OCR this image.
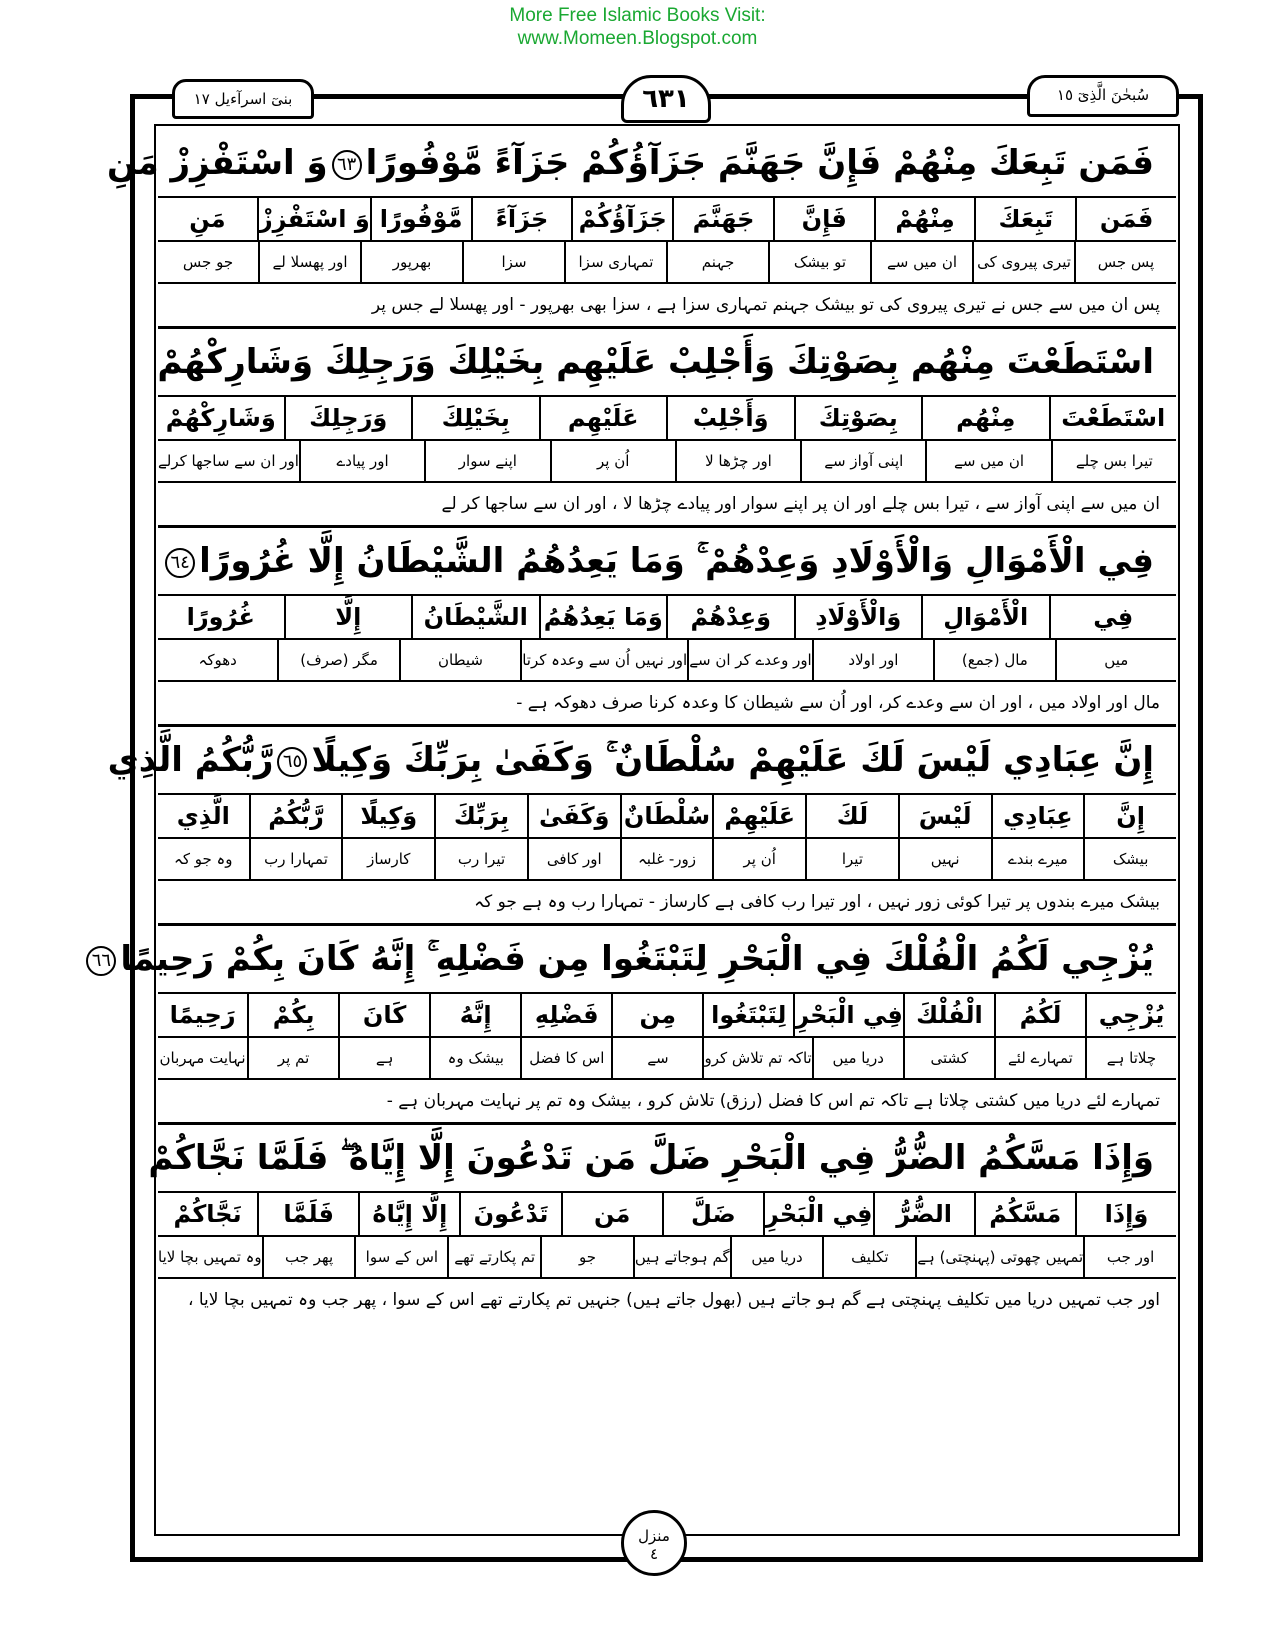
More Free Islamic Books Visit:
www.Momeen.Blogspot.com
بنیٓ اسرآءيل ١٧	٦٣١	سُبحٰنَ الَّذِیٓ ١٥
فَمَن تَبِعَكَ مِنْهُمْ فَإِنَّ جَهَنَّمَ جَزَآؤُكُمْ جَزَآءً مَّوْفُورًا٦٣وَ اسْتَفْزِزْ مَنِ
فَمَن
تَبِعَكَ
مِنْهُمْ
فَإِنَّ
جَهَنَّمَ
جَزَآؤُكُمْ
جَزَآءً
مَّوْفُورًا
وَ اسْتَفْزِزْ
مَنِ
پس جس
تیری پیروی کی
ان میں سے
تو بیشک
جہنم
تمہاری سزا
سزا
بھرپور
اور پھسلا لے
جو جس
پس ان میں سے جس نے تیری پیروی کی تو بیشک جہنم تمہاری سزا ہے ، سزا بھی بھرپور - اور پھسلا لے جس پر
اسْتَطَعْتَ مِنْهُم بِصَوْتِكَ وَأَجْلِبْ عَلَيْهِم بِخَيْلِكَ وَرَجِلِكَ وَشَارِكْهُمْ
اسْتَطَعْتَ
مِنْهُم
بِصَوْتِكَ
وَأَجْلِبْ
عَلَيْهِم
بِخَيْلِكَ
وَرَجِلِكَ
وَشَارِكْهُمْ
تیرا بس چلے
ان میں سے
اپنی آواز سے
اور چڑھا لا
اُن پر
اپنے سوار
اور پیادے
اور ان سے ساجھا کرلے
ان میں سے اپنی آواز سے ، تیرا بس چلے اور ان پر اپنے سوار اور پیادے چڑھا لا ، اور ان سے ساجھا کر لے
فِي الْأَمْوَالِ وَالْأَوْلَادِ وَعِدْهُمْ ۚ وَمَا يَعِدُهُمُ الشَّيْطَانُ إِلَّا غُرُورًا٦٤
فِي
الْأَمْوَالِ
وَالْأَوْلَادِ
وَعِدْهُمْ
وَمَا يَعِدُهُمُ
الشَّيْطَانُ
إِلَّا
غُرُورًا
میں
مال (جمع)
اور اولاد
اور وعدے کر ان سے
اور نہیں اُن سے وعدہ کرتا
شیطان
مگر (صرف)
دھوکہ
مال اور اولاد میں ، اور ان سے وعدے کر، اور اُن سے شیطان کا وعدہ کرنا صرف دھوکہ ہے -
إِنَّ عِبَادِي لَيْسَ لَكَ عَلَيْهِمْ سُلْطَانٌ ۚ وَكَفَىٰ بِرَبِّكَ وَكِيلًا٦٥رَّبُّكُمُ الَّذِي
إِنَّ
عِبَادِي
لَيْسَ
لَكَ
عَلَيْهِمْ
سُلْطَانٌ
وَكَفَىٰ
بِرَبِّكَ
وَكِيلًا
رَّبُّكُمُ
الَّذِي
بیشک
میرے بندے
نہیں
تیرا
اُن پر
زور- غلبہ
اور کافی
تیرا رب
کارساز
تمہارا رب
وہ جو کہ
بیشک میرے بندوں پر تیرا کوئی زور نہیں ، اور تیرا رب کافی ہے کارساز - تمہارا رب وہ ہے جو کہ
يُزْجِي لَكُمُ الْفُلْكَ فِي الْبَحْرِ لِتَبْتَغُوا مِن فَضْلِهِ ۚ إِنَّهُ كَانَ بِكُمْ رَحِيمًا٦٦
يُزْجِي
لَكُمُ
الْفُلْكَ
فِي الْبَحْرِ
لِتَبْتَغُوا
مِن
فَضْلِهِ
إِنَّهُ
كَانَ
بِكُمْ
رَحِيمًا
چلاتا ہے
تمہارے لئے
کشتی
دریا میں
تاکہ تم تلاش کرو
سے
اس کا فضل
بیشک وہ
ہے
تم پر
نہایت مہربان
تمہارے لئے دریا میں کشتی چلاتا ہے تاکہ تم اس کا فضل (رزق) تلاش کرو ، بیشک وہ تم پر نہایت مہربان ہے -
وَإِذَا مَسَّكُمُ الضُّرُّ فِي الْبَحْرِ ضَلَّ مَن تَدْعُونَ إِلَّا إِيَّاهُ ۖ فَلَمَّا نَجَّاكُمْ
وَإِذَا
مَسَّكُمُ
الضُّرُّ
فِي الْبَحْرِ
ضَلَّ
مَن
تَدْعُونَ
إِلَّا إِيَّاهُ
فَلَمَّا
نَجَّاكُمْ
اور جب
تمہیں چھوتی (پہنچتی) ہے
تکلیف
دریا میں
گم ہوجاتے ہیں
جو
تم پکارتے تھے
اس کے سوا
پھر جب
وہ تمہیں بچا لایا
اور جب تمہیں دریا میں تکلیف پہنچتی ہے گم ہو جاتے ہیں (بھول جاتے ہیں) جنہیں تم پکارتے تھے اس کے سوا ، پھر جب وہ تمہیں بچا لایا ،
منزل
٤
